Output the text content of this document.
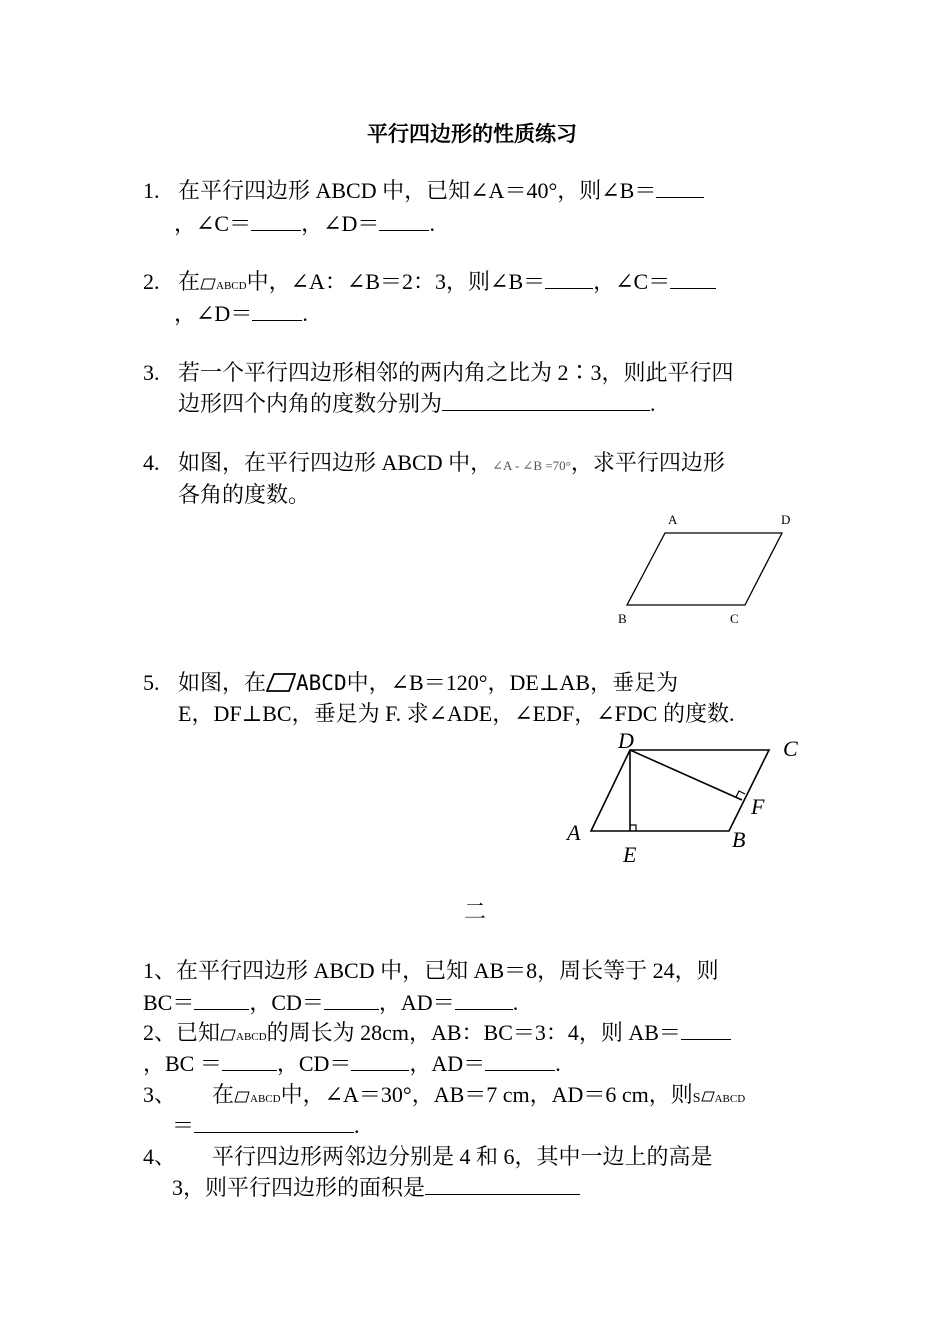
平行四边形的性质练习
1. 在平行四边形 ABCD 中，已知∠A＝40°，则∠B＝
，∠C＝ ，∠D＝ .
2. 在 ABCD中，∠A：∠B＝2：3，则∠B＝ ，∠C＝
，∠D＝ .
3. 若一个平行四边形相邻的两内角之比为 2∶3，则此平行四
边形四个内角的度数分别为	.
4. 如图，在平行四边形 ABCD 中，∠A - ∠B =70°，求平行四边形
各角的度数。
A	D
B	C
5. 如图，在 ABCD中，∠B＝120°，DE⊥AB，垂足为
E，DF⊥BC，垂足为 F. 求∠ADE，∠EDF，∠FDC 的度数.
D	C
F
A	B
E
二
1、在平行四边形 ABCD 中，已知 AB＝8，周长等于 24，则
BC＝	，CD＝	，AD＝	.
2、已知 ABCD的周长为 28cm，AB：BC＝3：4，则 AB＝
，BC ＝	，CD＝	，AD＝	.
3、 在 ABCD中，∠A＝30°，AB＝7 cm，AD＝6 cm，则S ABCD
＝	.
4、 平行四边形两邻边分别是 4 和 6，其中一边上的高是
3，则平行四边形的面积是
